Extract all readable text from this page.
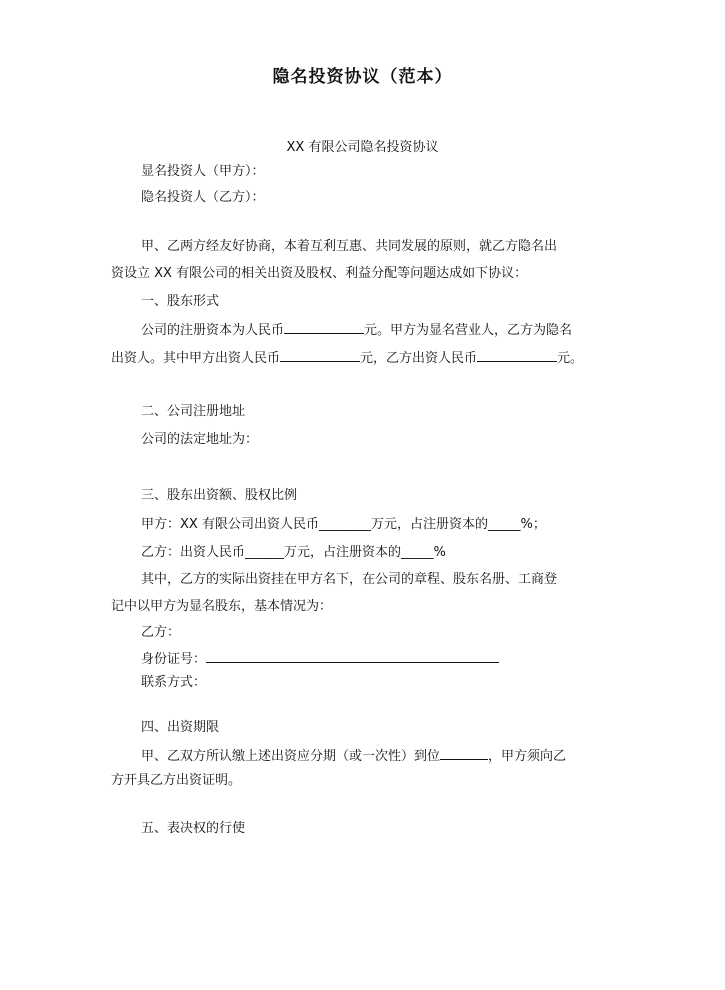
隐名投资协议（范本）
XX 有限公司隐名投资协议
显名投资人（甲方）：
隐名投资人（乙方）：
甲、乙两方经友好协商，本着互利互惠、共同发展的原则，就乙方隐名出
资设立 XX 有限公司的相关出资及股权、利益分配等问题达成如下协议：
一、股东形式
公司的注册资本为人民币	元。甲方为显名营业人，乙方为隐名
出资人。其中甲方出资人民币	元，乙方出资人民币	元。
二、公司注册地址
公司的法定地址为：
三、股东出资额、股权比例
甲方：XX 有限公司出资人民币________万元，占注册资本的_____%；
乙方：出资人民币______万元，占注册资本的_____%
其中，乙方的实际出资挂在甲方名下，在公司的章程、股东名册、工商登
记中以甲方为显名股东，基本情况为：
乙方：
身份证号：
联系方式：
四、出资期限
甲、乙双方所认缴上述出资应分期（或一次性）到位	，甲方须向乙
方开具乙方出资证明。
五、表决权的行使
